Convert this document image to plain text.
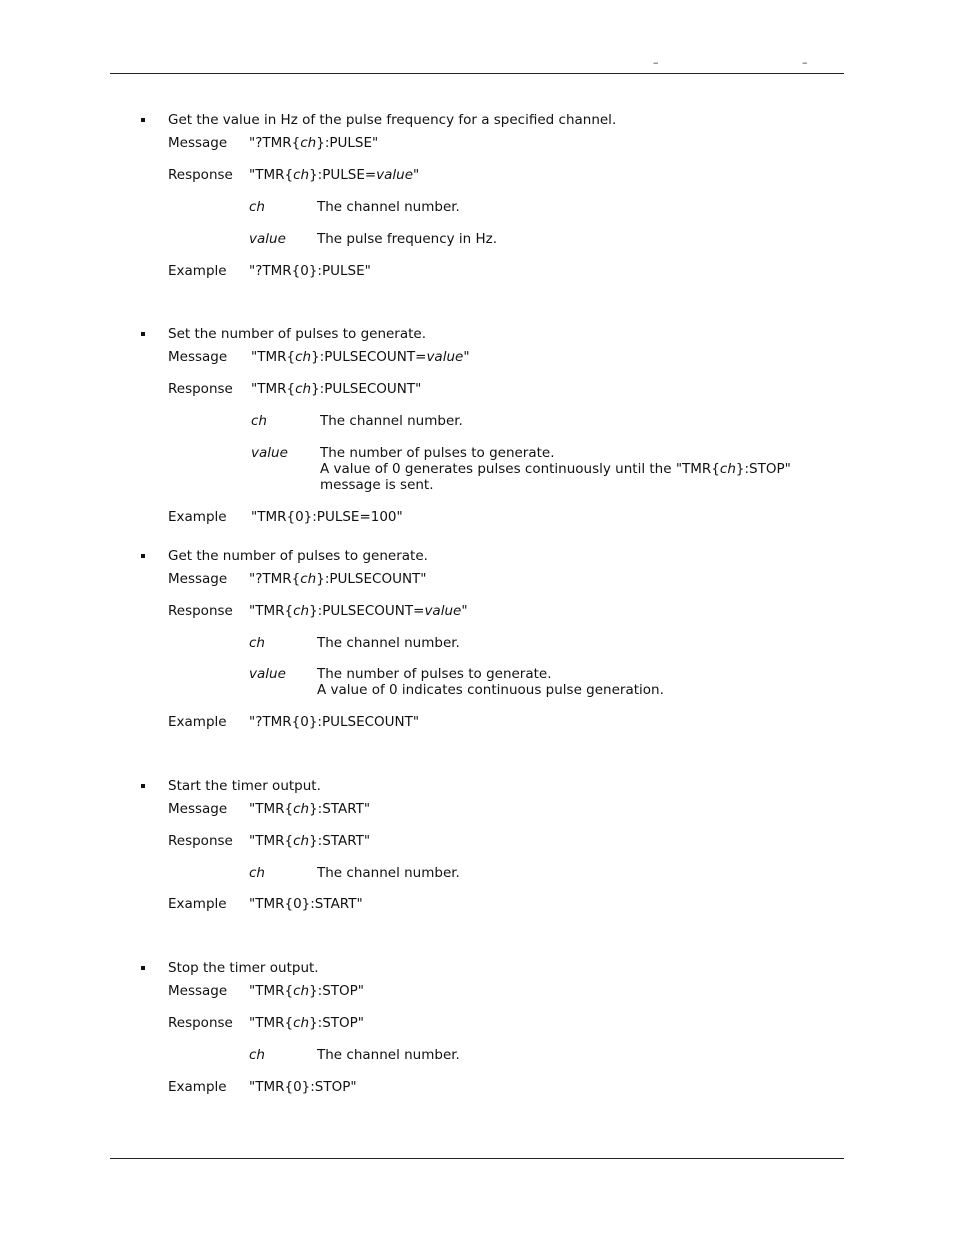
–	–
Get the value in Hz of the pulse frequency for a specified channel.
Message "?TMR{ch}:PULSE"
Response "TMR{ch}:PULSE=value"
ch	The channel number.
value The pulse frequency in Hz.
Example "?TMR{0}:PULSE"
Set the number of pulses to generate.
Message "TMR{ch}:PULSECOUNT=value"
Response "TMR{ch}:PULSECOUNT"
ch	The channel number.
value The number of pulses to generate.
A value of 0 generates pulses continuously until the "TMR{ch}:STOP"
message is sent.
Example "TMR{0}:PULSE=100"
Get the number of pulses to generate.
Message "?TMR{ch}:PULSECOUNT"
Response "TMR{ch}:PULSECOUNT=value"
ch	The channel number.
value The number of pulses to generate.
A value of 0 indicates continuous pulse generation.
Example "?TMR{0}:PULSECOUNT"
Start the timer output.
Message "TMR{ch}:START"
Response "TMR{ch}:START"
ch	The channel number.
Example "TMR{0}:START"
Stop the timer output.
Message "TMR{ch}:STOP"
Response "TMR{ch}:STOP"
ch	The channel number.
Example "TMR{0}:STOP"
